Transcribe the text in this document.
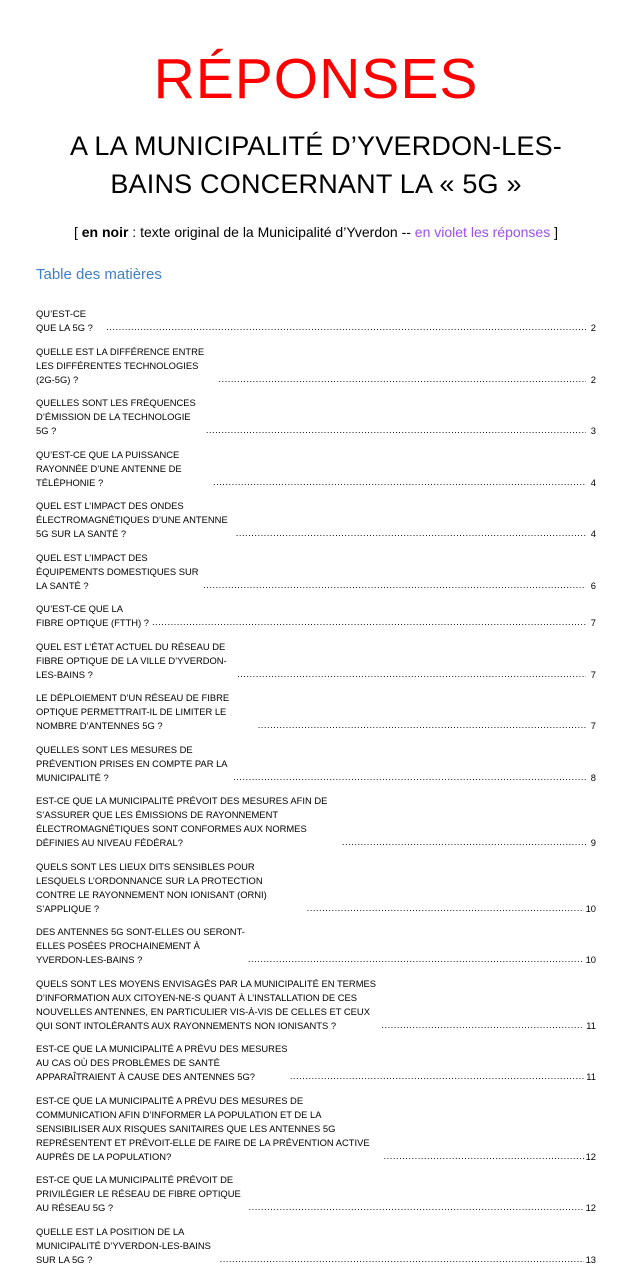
RÉPONSES
A LA MUNICIPALITÉ D’YVERDON-LES-
BAINS CONCERNANT LA « 5G »

[ en noir : texte original de la Municipalité d’Yverdon -- en violet les réponses ]

Table des matières
QU’EST-CE QUE LA 5G ? .....	2
QUELLE EST LA DIFFÉRENCE ENTRE LES DIFFÉRENTES TECHNOLOGIES (2G-5G) ? .....	2
QUELLES SONT LES FRÉQUENCES D’ÉMISSION DE LA TECHNOLOGIE 5G ? .....	3
QU’EST-CE QUE LA PUISSANCE RAYONNÉE D’UNE ANTENNE DE TÉLÉPHONIE ? .....	4
QUEL EST L’IMPACT DES ONDES ÉLECTROMAGNÉTIQUES D’UNE ANTENNE 5G SUR LA SANTÉ ? .....	4
QUEL EST L’IMPACT DES ÉQUIPEMENTS DOMESTIQUES SUR LA SANTÉ ? .....	6
QU’EST-CE QUE LA FIBRE OPTIQUE (FTTH) ? .....	7
QUEL EST L’ÉTAT ACTUEL DU RÉSEAU DE FIBRE OPTIQUE DE LA VILLE D’YVERDON-LES-BAINS ? .....	7
LE DÉPLOIEMENT D’UN RÉSEAU DE FIBRE OPTIQUE PERMETTRAIT-IL DE LIMITER LE NOMBRE D’ANTENNES 5G ? .....	7
QUELLES SONT LES MESURES DE PRÉVENTION PRISES EN COMPTE PAR LA MUNICIPALITÉ ? .....	8
EST-CE QUE LA MUNICIPALITÉ PRÉVOIT DES MESURES AFIN DE S’ASSURER QUE LES ÉMISSIONS DE RAYONNEMENT ÉLECTROMAGNÉTIQUES SONT CONFORMES AUX NORMES DÉFINIES AU NIVEAU FÉDÉRAL? .....	9
QUELS SONT LES LIEUX DITS SENSIBLES POUR LESQUELS L’ORDONNANCE SUR LA PROTECTION CONTRE LE RAYONNEMENT NON IONISANT (ORNI) S’APPLIQUE ? .....	10
DES ANTENNES 5G SONT-ELLES OU SERONT-ELLES POSÉES PROCHAINEMENT À YVERDON-LES-BAINS ? .....	10
QUELS SONT LES MOYENS ENVISAGÉS PAR LA MUNICIPALITÉ EN TERMES D’INFORMATION AUX CITOYEN-NE-S QUANT À L’INSTALLATION DE CES NOUVELLES ANTENNES, EN PARTICULIER VIS-À-VIS DE CELLES ET CEUX QUI SONT INTOLÉRANTS AUX RAYONNEMENTS NON IONISANTS ? .....	11
EST-CE QUE LA MUNICIPALITÉ A PRÉVU DES MESURES AU CAS OÙ DES PROBLÈMES DE SANTÉ APPARAÎTRAIENT À CAUSE DES ANTENNES 5G? .....	11
EST-CE QUE LA MUNICIPALITÉ A PRÉVU DES MESURES DE COMMUNICATION AFIN D’INFORMER LA POPULATION ET DE LA SENSIBILISER AUX RISQUES SANITAIRES QUE LES ANTENNES 5G REPRÉSENTENT ET PRÉVOIT-ELLE DE FAIRE DE LA PRÉVENTION ACTIVE AUPRÈS DE LA POPULATION? .....	12
EST-CE QUE LA MUNICIPALITÉ PRÉVOIT DE PRIVILÉGIER LE RÉSEAU DE FIBRE OPTIQUE AU RÉSEAU 5G ? .....	12
QUELLE EST LA POSITION DE LA MUNICIPALITÉ D’YVERDON-LES-BAINS SUR LA 5G ? .....	13
